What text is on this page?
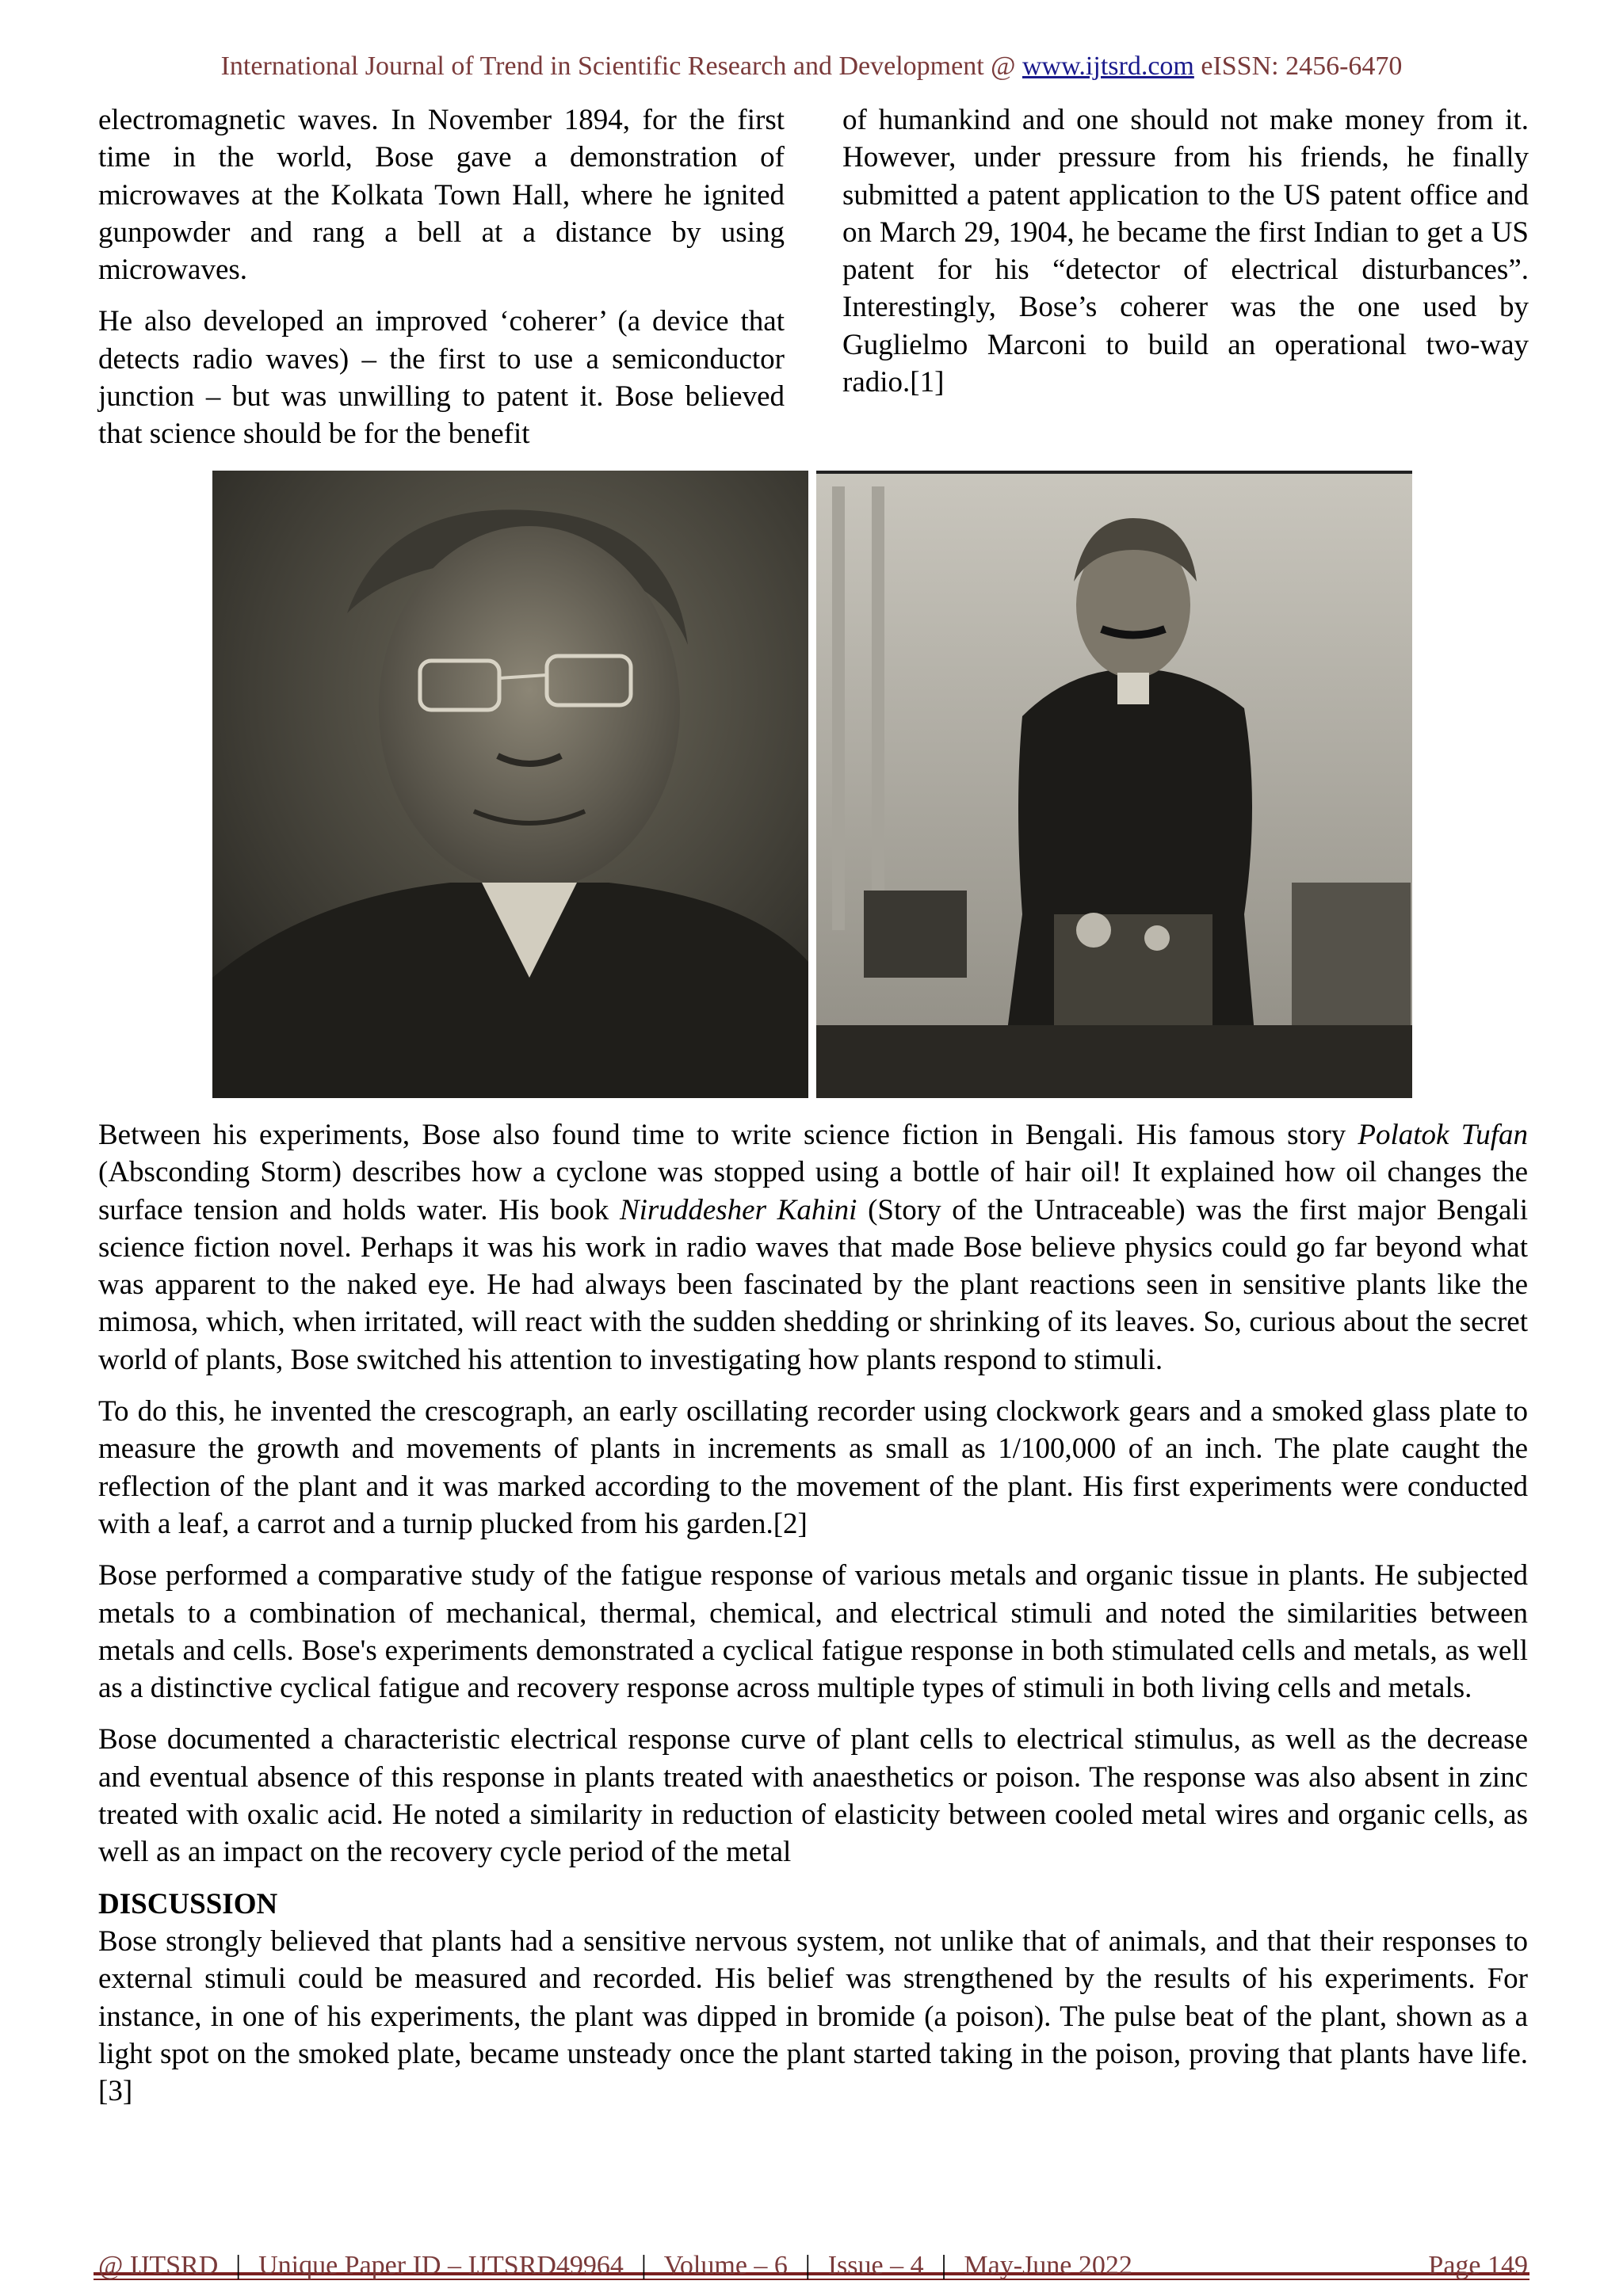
International Journal of Trend in Scientific Research and Development @ www.ijtsrd.com eISSN: 2456-6470

electromagnetic waves. In November 1894, for the first time in the world, Bose gave a demonstration of microwaves at the Kolkata Town Hall, where he ignited gunpowder and rang a bell at a distance by using microwaves.

He also developed an improved ‘coherer’ (a device that detects radio waves) – the first to use a semiconductor junction – but was unwilling to patent it. Bose believed that science should be for the benefit

of humankind and one should not make money from it. However, under pressure from his friends, he finally submitted a patent application to the US patent office and on March 29, 1904, he became the first Indian to get a US patent for his “detector of electrical disturbances”. Interestingly, Bose’s coherer was the one used by Guglielmo Marconi to build an operational two-way radio.[1]

Between his experiments, Bose also found time to write science fiction in Bengali. His famous story Polatok Tufan (Absconding Storm) describes how a cyclone was stopped using a bottle of hair oil! It explained how oil changes the surface tension and holds water. His book Niruddesher Kahini (Story of the Untraceable) was the first major Bengali science fiction novel. Perhaps it was his work in radio waves that made Bose believe physics could go far beyond what was apparent to the naked eye. He had always been fascinated by the plant reactions seen in sensitive plants like the mimosa, which, when irritated, will react with the sudden shedding or shrinking of its leaves. So, curious about the secret world of plants, Bose switched his attention to investigating how plants respond to stimuli.

To do this, he invented the crescograph, an early oscillating recorder using clockwork gears and a smoked glass plate to measure the growth and movements of plants in increments as small as 1/100,000 of an inch. The plate caught the reflection of the plant and it was marked according to the movement of the plant. His first experiments were conducted with a leaf, a carrot and a turnip plucked from his garden.[2]

Bose performed a comparative study of the fatigue response of various metals and organic tissue in plants. He subjected metals to a combination of mechanical, thermal, chemical, and electrical stimuli and noted the similarities between metals and cells. Bose's experiments demonstrated a cyclical fatigue response in both stimulated cells and metals, as well as a distinctive cyclical fatigue and recovery response across multiple types of stimuli in both living cells and metals.

Bose documented a characteristic electrical response curve of plant cells to electrical stimulus, as well as the decrease and eventual absence of this response in plants treated with anaesthetics or poison. The response was also absent in zinc treated with oxalic acid. He noted a similarity in reduction of elasticity between cooled metal wires and organic cells, as well as an impact on the recovery cycle period of the metal

DISCUSSION

Bose strongly believed that plants had a sensitive nervous system, not unlike that of animals, and that their responses to external stimuli could be measured and recorded. His belief was strengthened by the results of his experiments. For instance, in one of his experiments, the plant was dipped in bromide (a poison). The pulse beat of the plant, shown as a light spot on the smoked plate, became unsteady once the plant started taking in the poison, proving that plants have life.[3]

@ IJTSRD | Unique Paper ID – IJTSRD49964 | Volume – 6 | Issue – 4 | May-June 2022	Page 149
